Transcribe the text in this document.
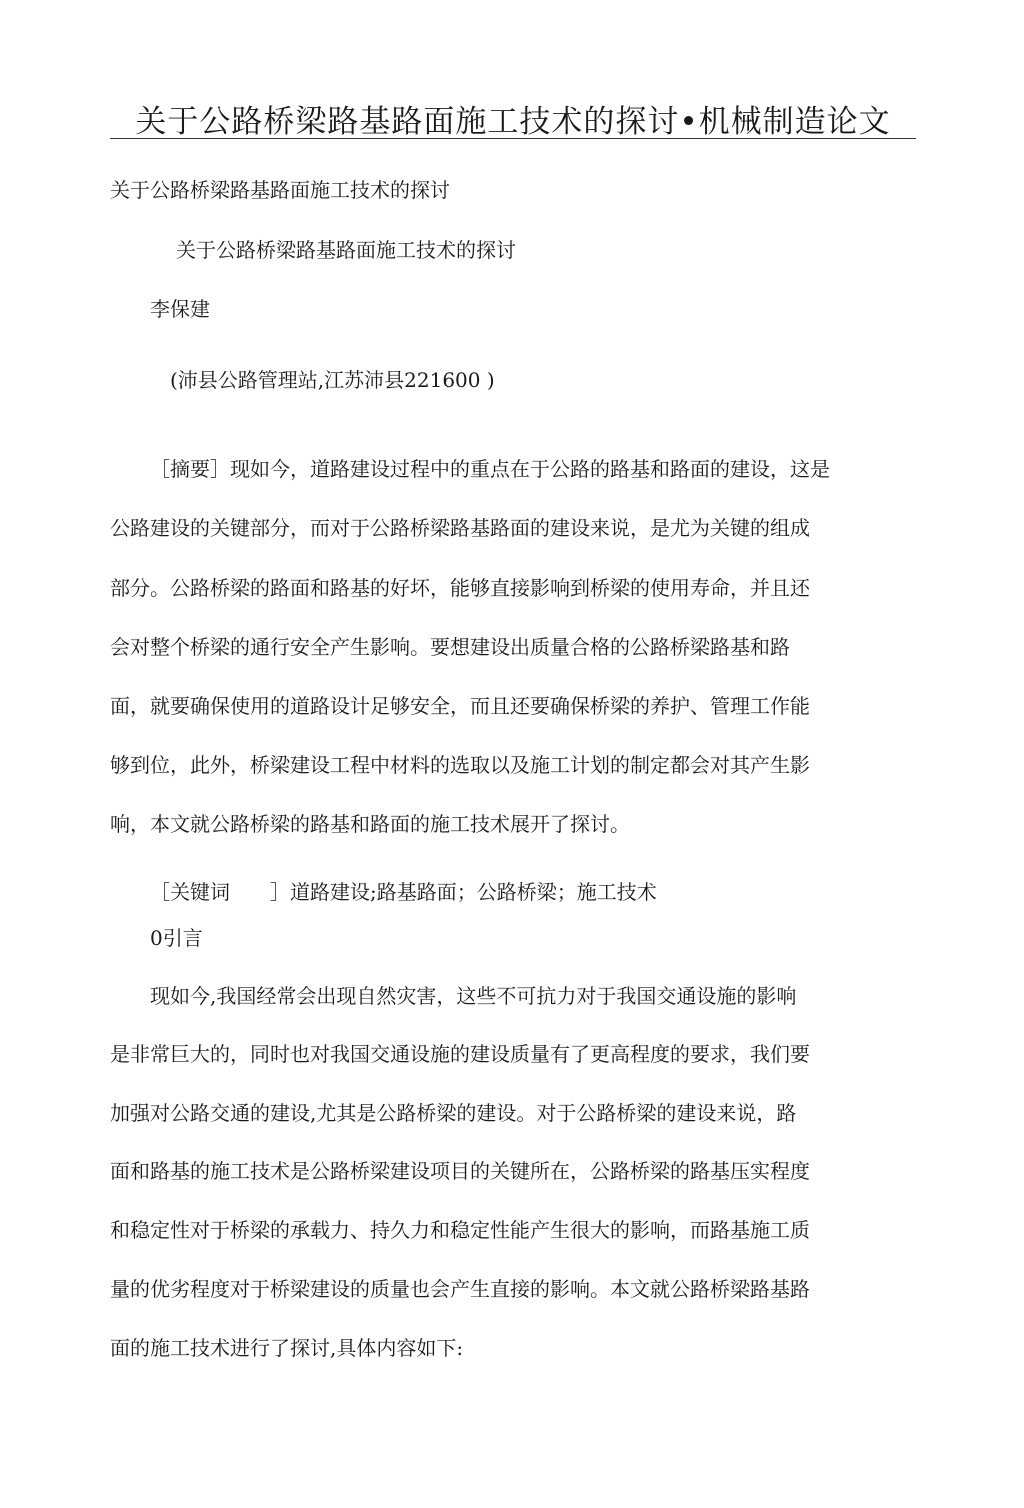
关于公路桥梁路基路面施工技术的探讨•机械制造论文
关于公路桥梁路基路面施工技术的探讨
关于公路桥梁路基路面施工技术的探讨
李保建
(沛县公路管理站,江苏沛县221600 )
［摘要］现如今，道路建设过程中的重点在于公路的路基和路面的建设，这是
公路建设的关键部分，而对于公路桥梁路基路面的建设来说，是尤为关键的组成
部分。公路桥梁的路面和路基的好坏，能够直接影响到桥梁的使用寿命，并且还
会对整个桥梁的通行安全产生影响。要想建设出质量合格的公路桥梁路基和路
面，就要确保使用的道路设计足够安全，而且还要确保桥梁的养护、管理工作能
够到位，此外，桥梁建设工程中材料的选取以及施工计划的制定都会对其产生影
响，本文就公路桥梁的路基和路面的施工技术展开了探讨。
［关键词 ］道路建设;路基路面；公路桥梁；施工技术
0引言
现如今,我国经常会出现自然灾害，这些不可抗力对于我国交通设施的影响
是非常巨大的，同时也对我国交通设施的建设质量有了更高程度的要求，我们要
加强对公路交通的建设,尤其是公路桥梁的建设。对于公路桥梁的建设来说，路
面和路基的施工技术是公路桥梁建设项目的关键所在，公路桥梁的路基压实程度
和稳定性对于桥梁的承载力、持久力和稳定性能产生很大的影响，而路基施工质
量的优劣程度对于桥梁建设的质量也会产生直接的影响。本文就公路桥梁路基路
面的施工技术进行了探讨,具体内容如下:
